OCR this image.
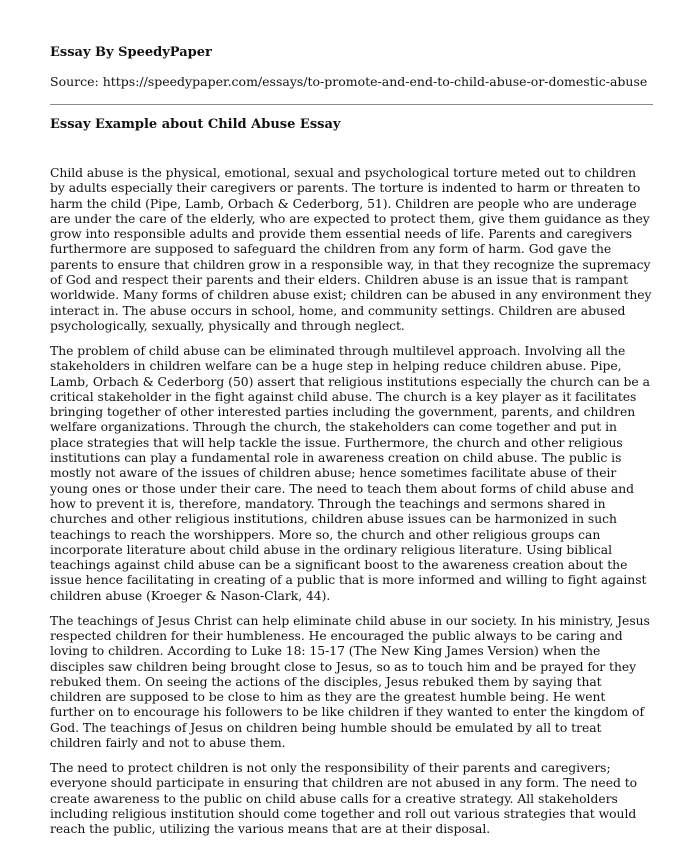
Essay By SpeedyPaper
Source: https://speedypaper.com/essays/to-promote-and-end-to-child-abuse-or-domestic-abuse
Essay Example about Child Abuse Essay

Child abuse is the physical, emotional, sexual and psychological torture meted out to children by adults especially their caregivers or parents. The torture is indented to harm or threaten to harm the child (Pipe, Lamb, Orbach & Cederborg, 51). Children are people who are underage are under the care of the elderly, who are expected to protect them, give them guidance as they grow into responsible adults and provide them essential needs of life. Parents and caregivers furthermore are supposed to safeguard the children from any form of harm. God gave the parents to ensure that children grow in a responsible way, in that they recognize the supremacy of God and respect their parents and their elders. Children abuse is an issue that is rampant worldwide. Many forms of children abuse exist; children can be abused in any environment they interact in. The abuse occurs in school, home, and community settings. Children are abused psychologically, sexually, physically and through neglect.

The problem of child abuse can be eliminated through multilevel approach. Involving all the stakeholders in children welfare can be a huge step in helping reduce children abuse. Pipe, Lamb, Orbach & Cederborg (50) assert that religious institutions especially the church can be a critical stakeholder in the fight against child abuse. The church is a key player as it facilitates bringing together of other interested parties including the government, parents, and children welfare organizations. Through the church, the stakeholders can come together and put in place strategies that will help tackle the issue. Furthermore, the church and other religious institutions can play a fundamental role in awareness creation on child abuse. The public is mostly not aware of the issues of children abuse; hence sometimes facilitate abuse of their young ones or those under their care. The need to teach them about forms of child abuse and how to prevent it is, therefore, mandatory. Through the teachings and sermons shared in churches and other religious institutions, children abuse issues can be harmonized in such teachings to reach the worshippers. More so, the church and other religious groups can incorporate literature about child abuse in the ordinary religious literature. Using biblical teachings against child abuse can be a significant boost to the awareness creation about the issue hence facilitating in creating of a public that is more informed and willing to fight against children abuse (Kroeger & Nason-Clark, 44).

The teachings of Jesus Christ can help eliminate child abuse in our society. In his ministry, Jesus respected children for their humbleness. He encouraged the public always to be caring and loving to children. According to Luke 18: 15-17 (The New King James Version) when the disciples saw children being brought close to Jesus, so as to touch him and be prayed for they rebuked them. On seeing the actions of the disciples, Jesus rebuked them by saying that children are supposed to be close to him as they are the greatest humble being. He went further on to encourage his followers to be like children if they wanted to enter the kingdom of God. The teachings of Jesus on children being humble should be emulated by all to treat children fairly and not to abuse them.

The need to protect children is not only the responsibility of their parents and caregivers; everyone should participate in ensuring that children are not abused in any form. The need to create awareness to the public on child abuse calls for a creative strategy. All stakeholders including religious institution should come together and roll out various strategies that would reach the public, utilizing the various means that are at their disposal.
